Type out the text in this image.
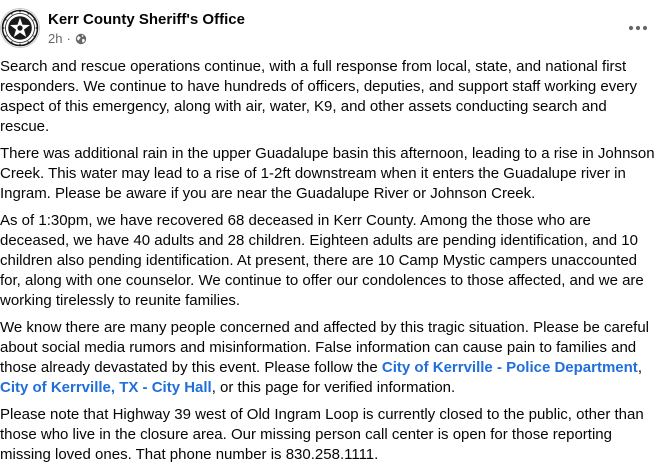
Kerr County Sheriff's Office
2h ·
Search and rescue operations continue, with a full response from local, state, and national first
responders. We continue to have hundreds of officers, deputies, and support staff working every
aspect of this emergency, along with air, water, K9, and other assets conducting search and
rescue.
There was additional rain in the upper Guadalupe basin this afternoon, leading to a rise in Johnson
Creek. This water may lead to a rise of 1-2ft downstream when it enters the Guadalupe river in
Ingram. Please be aware if you are near the Guadalupe River or Johnson Creek.
As of 1:30pm, we have recovered 68 deceased in Kerr County. Among the those who are
deceased, we have 40 adults and 28 children. Eighteen adults are pending identification, and 10
children also pending identification. At present, there are 10 Camp Mystic campers unaccounted
for, along with one counselor. We continue to offer our condolences to those affected, and we are
working tirelessly to reunite families.
We know there are many people concerned and affected by this tragic situation. Please be careful
about social media rumors and misinformation. False information can cause pain to families and
those already devastated by this event. Please follow the City of Kerrville - Police Department,
City of Kerrville, TX - City Hall, or this page for verified information.
Please note that Highway 39 west of Old Ingram Loop is currently closed to the public, other than
those who live in the closure area. Our missing person call center is open for those reporting
missing loved ones. That phone number is 830.258.1111.
